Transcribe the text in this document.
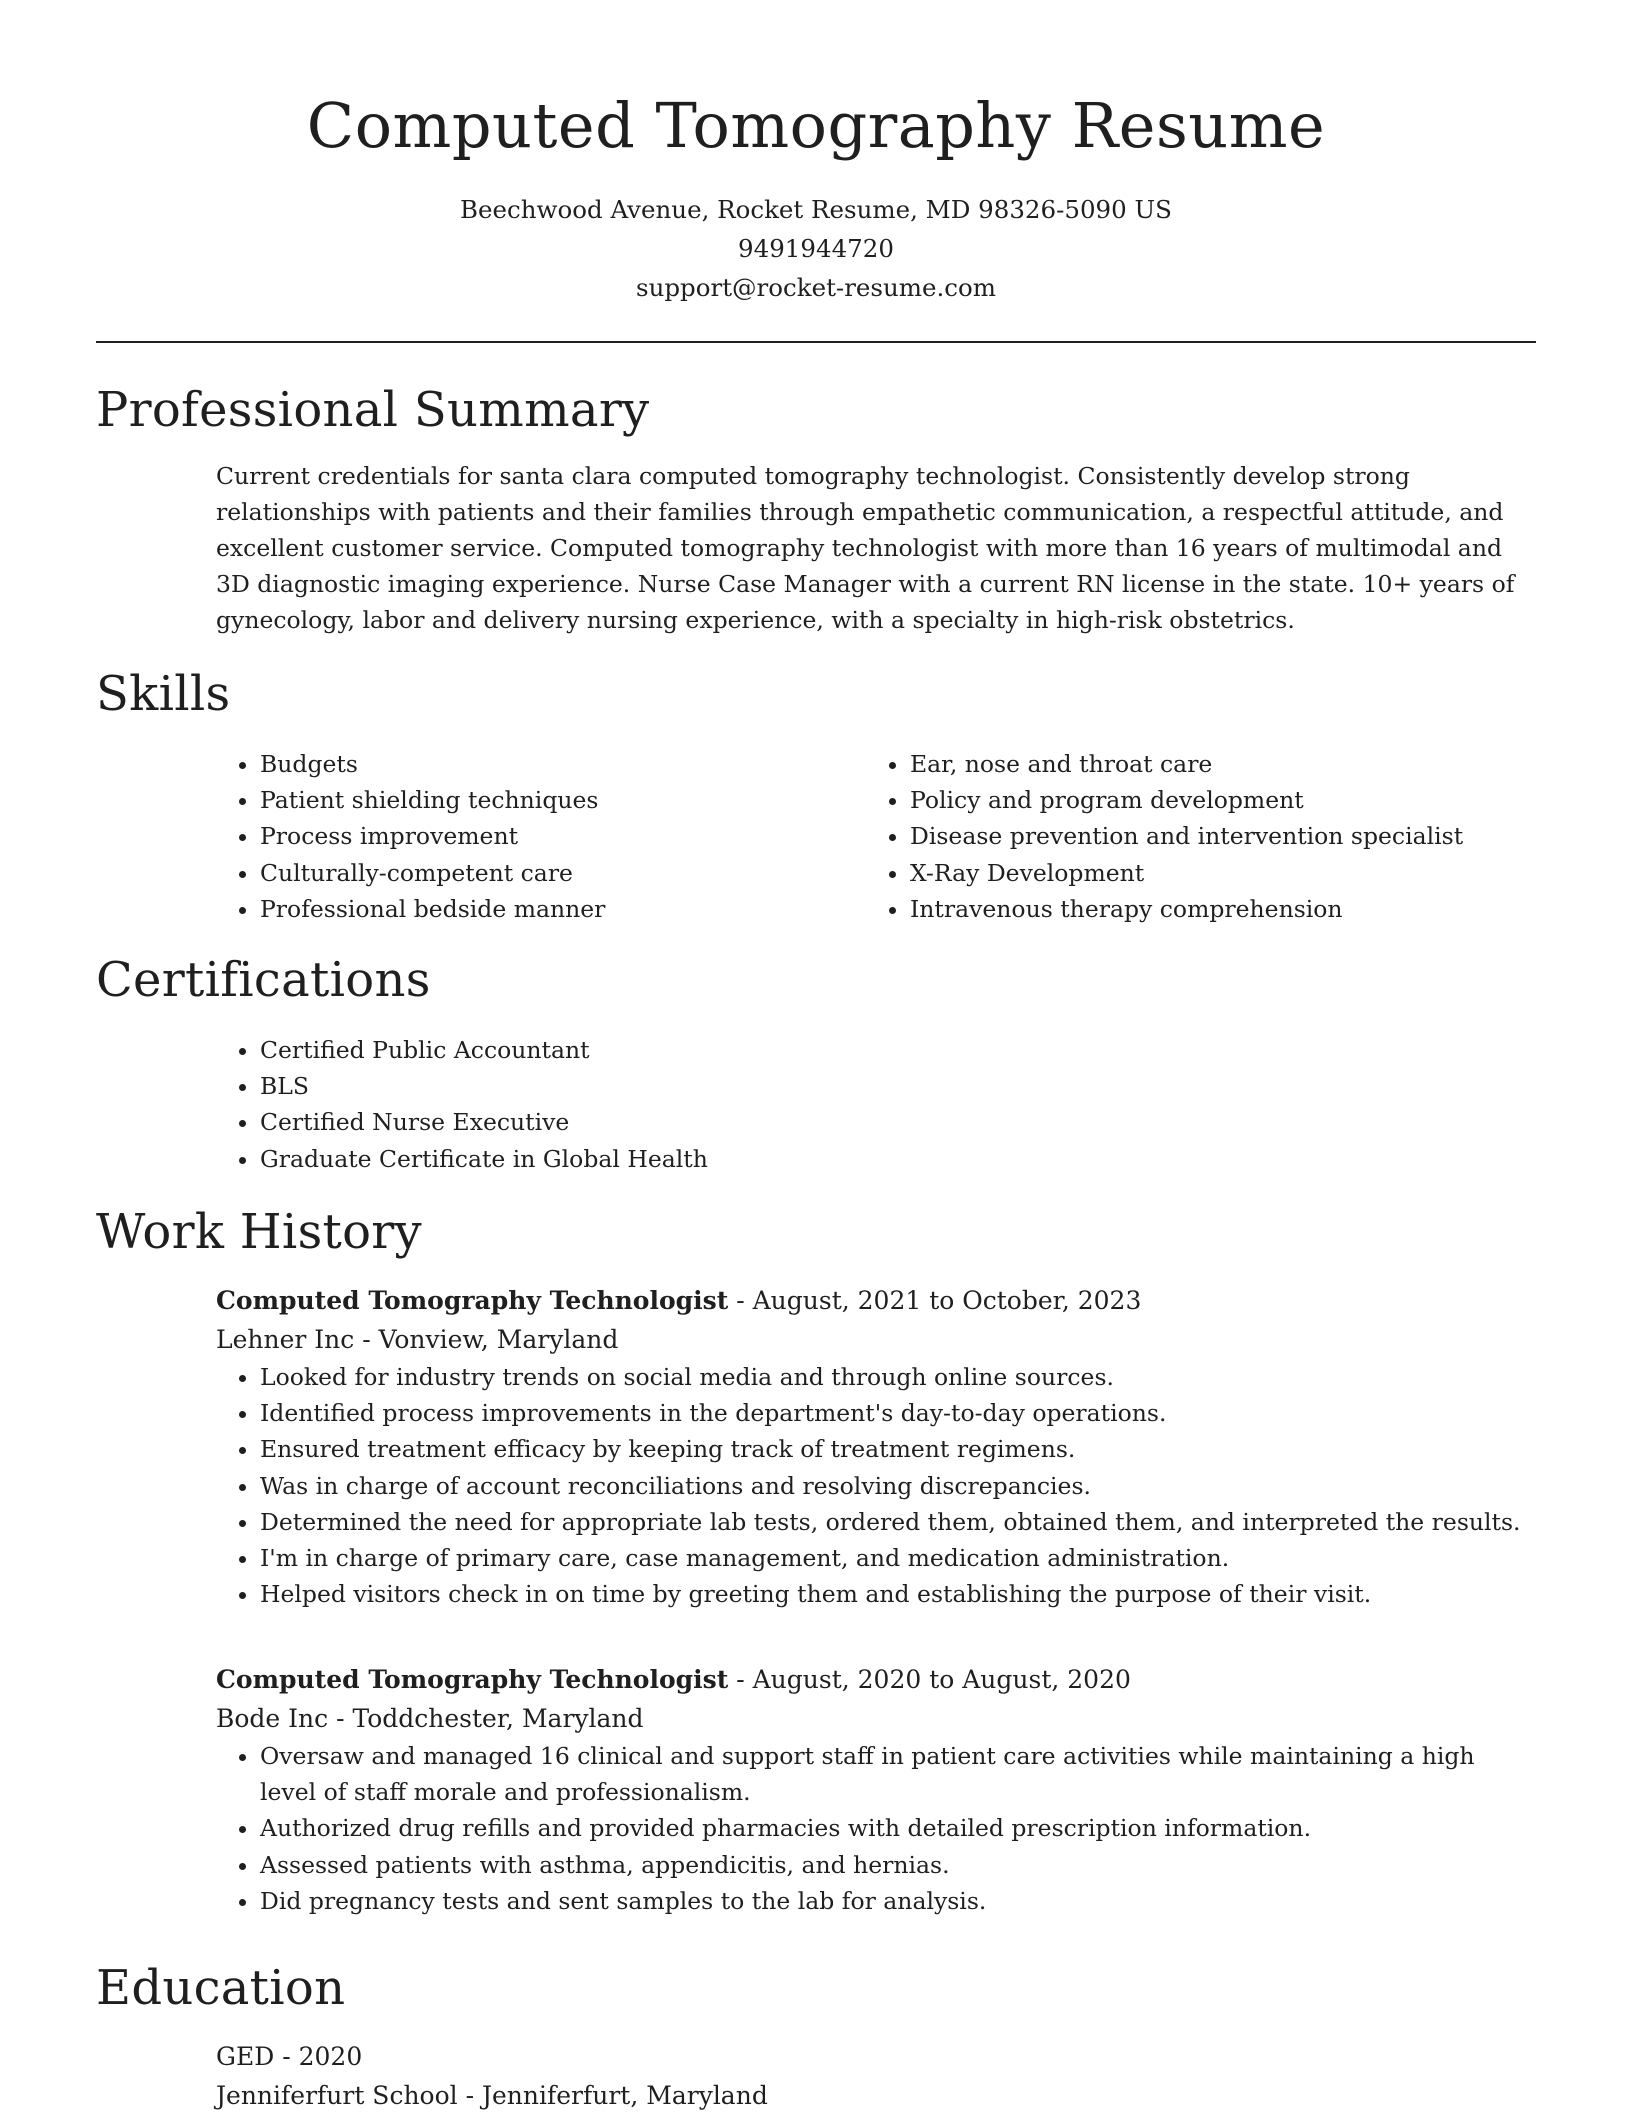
Computed Tomography Resume
Beechwood Avenue, Rocket Resume, MD 98326-5090 US
9491944720
support@rocket-resume.com
Professional Summary

Current credentials for santa clara computed tomography technologist. Consistently develop strong relationships with patients and their families through empathetic communication, a respectful attitude, and excellent customer service. Computed tomography technologist with more than 16 years of multimodal and 3D diagnostic imaging experience. Nurse Case Manager with a current RN license in the state. 10+ years of gynecology, labor and delivery nursing experience, with a specialty in high-risk obstetrics.

Skills
• Budgets
• Patient shielding techniques
• Process improvement
• Culturally-competent care
• Professional bedside manner
• Ear, nose and throat care
• Policy and program development
• Disease prevention and intervention specialist
• X-Ray Development
• Intravenous therapy comprehension
Certifications
• Certified Public Accountant
• BLS
• Certified Nurse Executive
• Graduate Certificate in Global Health
Work History
Computed Tomography Technologist - August, 2021 to October, 2023
Lehner Inc - Vonview, Maryland
• Looked for industry trends on social media and through online sources.
• Identified process improvements in the department's day-to-day operations.
• Ensured treatment efficacy by keeping track of treatment regimens.
• Was in charge of account reconciliations and resolving discrepancies.
• Determined the need for appropriate lab tests, ordered them, obtained them, and interpreted the results.
• I'm in charge of primary care, case management, and medication administration.
• Helped visitors check in on time by greeting them and establishing the purpose of their visit.
Computed Tomography Technologist - August, 2020 to August, 2020
Bode Inc - Toddchester, Maryland
• Oversaw and managed 16 clinical and support staff in patient care activities while maintaining a high level of staff morale and professionalism.
• Authorized drug refills and provided pharmacies with detailed prescription information.
• Assessed patients with asthma, appendicitis, and hernias.
• Did pregnancy tests and sent samples to the lab for analysis.
Education
GED - 2020
Jenniferfurt School - Jenniferfurt, Maryland
